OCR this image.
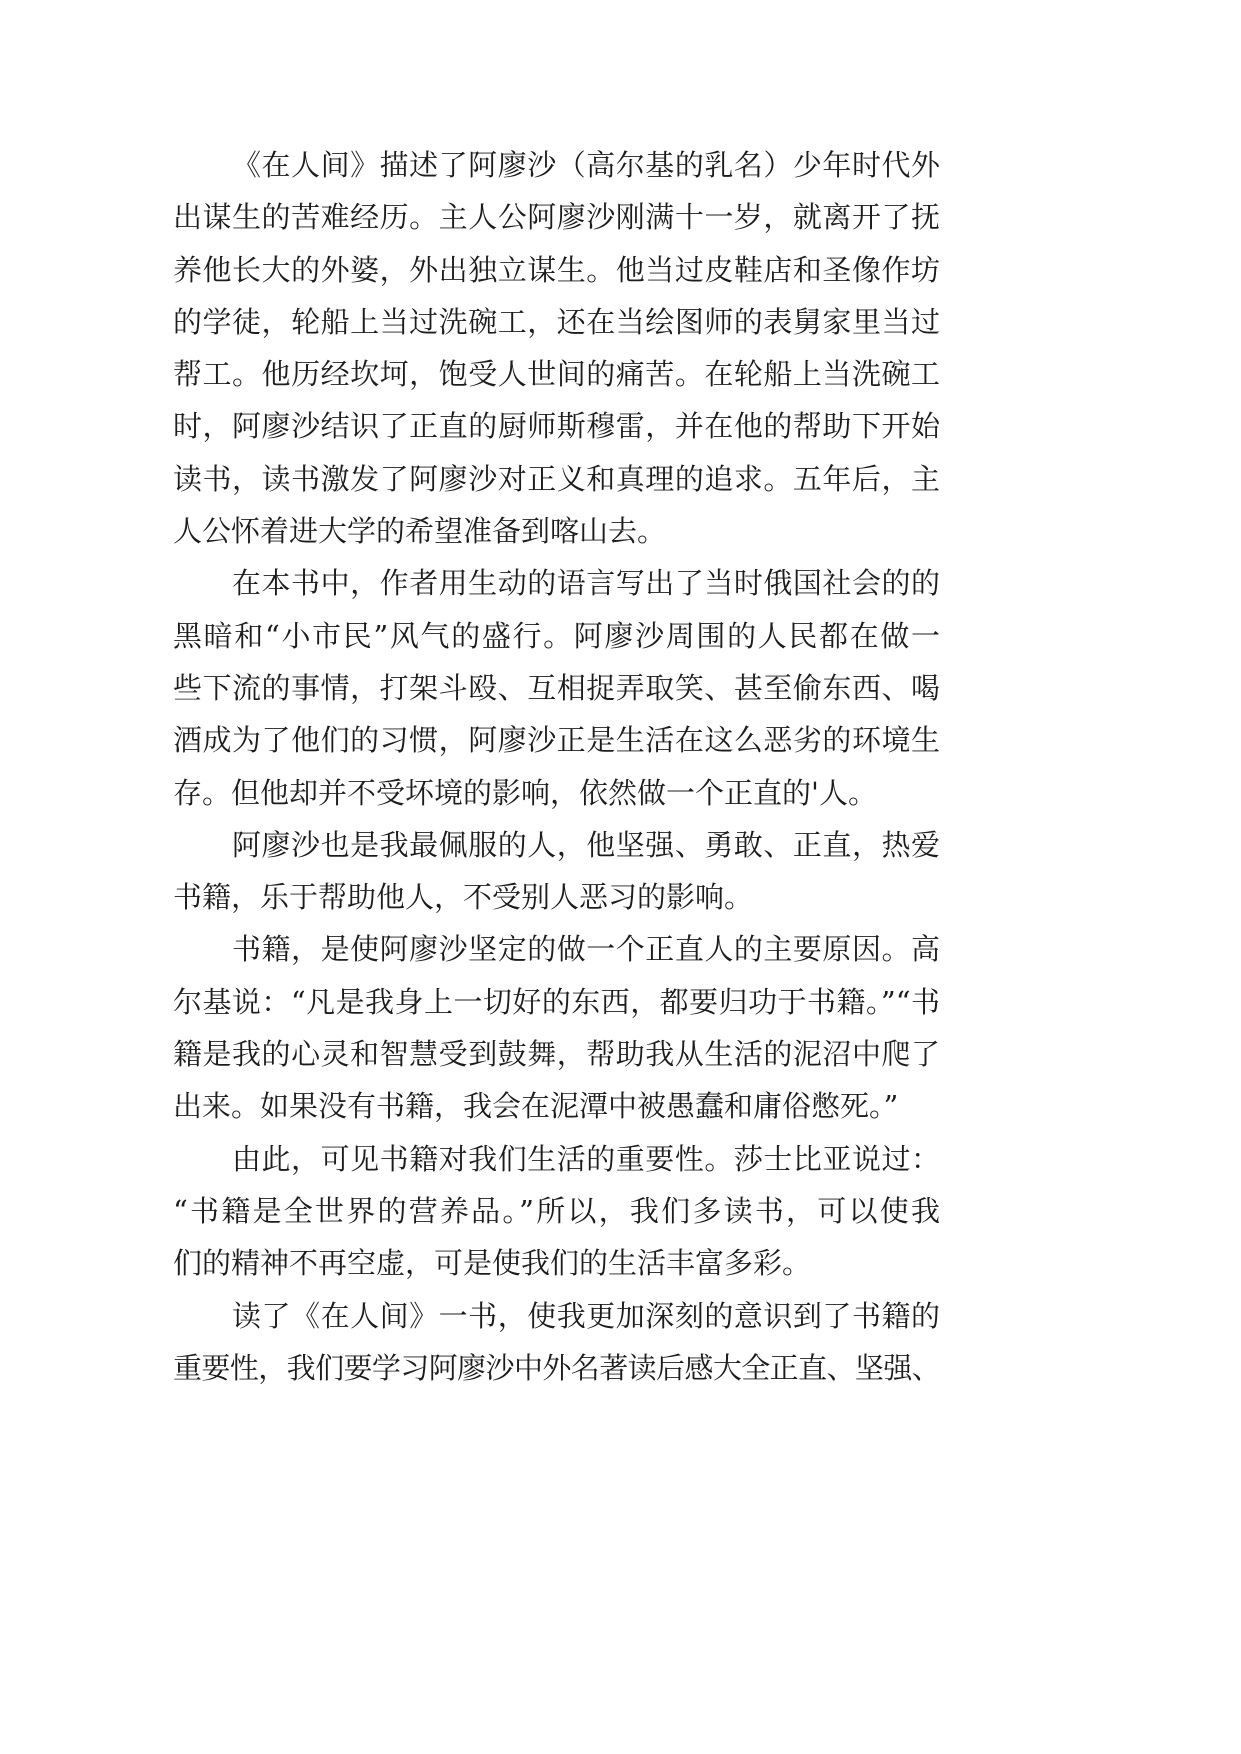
《在人间》描述了阿廖沙（高尔基的乳名）少年时代外
出谋生的苦难经历。主人公阿廖沙刚满十一岁，就离开了抚
养他长大的外婆，外出独立谋生。他当过皮鞋店和圣像作坊
的学徒，轮船上当过洗碗工，还在当绘图师的表舅家里当过
帮工。他历经坎坷，饱受人世间的痛苦。在轮船上当洗碗工
时，阿廖沙结识了正直的厨师斯穆雷，并在他的帮助下开始
读书，读书激发了阿廖沙对正义和真理的追求。五年后，主
人公怀着进大学的希望准备到喀山去。
在本书中，作者用生动的语言写出了当时俄国社会的的
黑暗和“小市民”风气的盛行。阿廖沙周围的人民都在做一
些下流的事情，打架斗殴、互相捉弄取笑、甚至偷东西、喝
酒成为了他们的习惯，阿廖沙正是生活在这么恶劣的环境生
存。但他却并不受坏境的影响，依然做一个正直的'人。
阿廖沙也是我最佩服的人，他坚强、勇敢、正直，热爱
书籍，乐于帮助他人，不受别人恶习的影响。
书籍，是使阿廖沙坚定的做一个正直人的主要原因。高
尔基说：“凡是我身上一切好的东西，都要归功于书籍。”“书
籍是我的心灵和智慧受到鼓舞，帮助我从生活的泥沼中爬了
出来。如果没有书籍，我会在泥潭中被愚蠢和庸俗憋死。”
由此，可见书籍对我们生活的重要性。莎士比亚说过：
“书籍是全世界的营养品。”所以，我们多读书，可以使我
们的精神不再空虚，可是使我们的生活丰富多彩。
读了《在人间》一书，使我更加深刻的意识到了书籍的
重要性，我们要学习阿廖沙中外名著读后感大全正直、坚强、
